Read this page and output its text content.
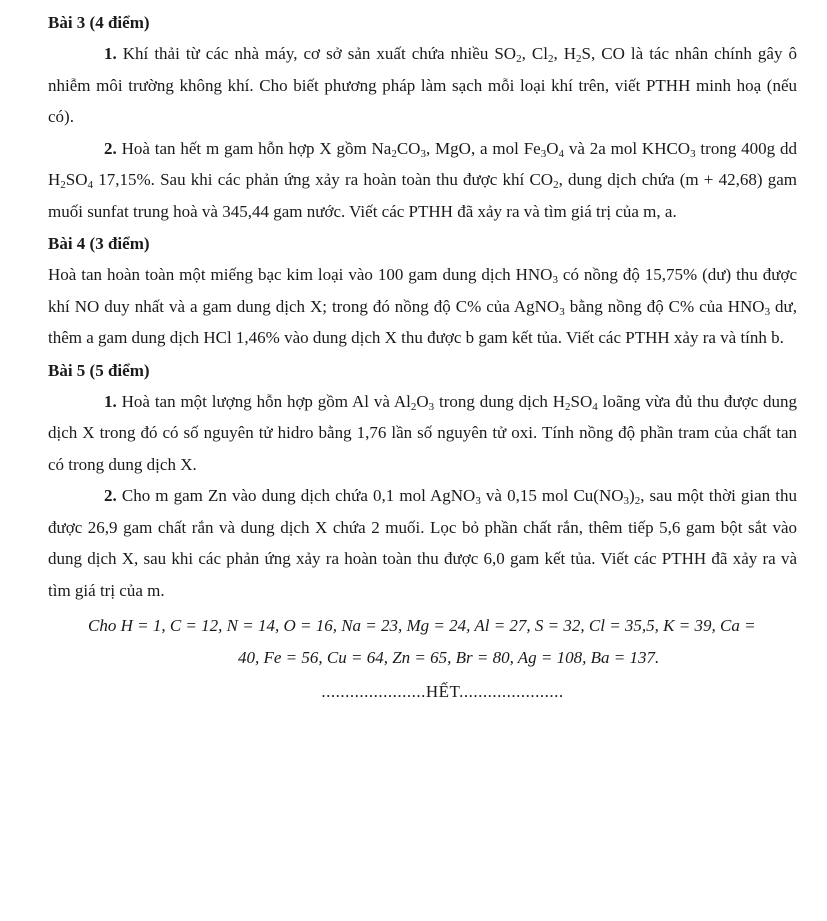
Bài 3 (4 điểm)

1. Khí thải từ các nhà máy, cơ sở sản xuất chứa nhiều $SO_2$, $Cl_2$, $H_2S$, CO là tác nhân chính gây ô nhiễm môi trường không khí. Cho biết phương pháp làm sạch mỗi loại khí trên, viết PTHH minh hoạ (nếu có).

2. Hoà tan hết m gam hỗn hợp X gồm $Na_2CO_3$, MgO, a mol $Fe_3O_4$ và 2a mol $KHCO_3$ trong 400g dd $H_2SO_4$ 17,15%. Sau khi các phản ứng xảy ra hoàn toàn thu được khí $CO_2$, dung dịch chứa (m + 42,68) gam muối sunfat trung hoà và 345,44 gam nước. Viết các PTHH đã xảy ra và tìm giá trị của m, a.

Bài 4 (3 điểm)

Hoà tan hoàn toàn một miếng bạc kim loại vào 100 gam dung dịch $HNO_3$ có nồng độ 15,75% (dư) thu được khí NO duy nhất và a gam dung dịch X; trong đó nồng độ C% của AgNO$_3$ bằng nồng độ C% của $HNO_3$ dư, thêm a gam dung dịch HCl 1,46% vào dung dịch X thu được b gam kết tủa. Viết các PTHH xảy ra và tính b.

Bài 5 (5 điểm)

1. Hoà tan một lượng hỗn hợp gồm Al và $Al_2O_3$ trong dung dịch $H_2SO_4$ loãng vừa đủ thu được dung dịch X trong đó có số nguyên tử hidro bằng 1,76 lần số nguyên tử oxi. Tính nồng độ phần tram của chất tan có trong dung dịch X.

2. Cho m gam Zn vào dung dịch chứa 0,1 mol AgNO$_3$ và 0,15 mol $Cu(NO_3)_2$, sau một thời gian thu được 26,9 gam chất rắn và dung dịch X chứa 2 muối. Lọc bỏ phần chất rắn, thêm tiếp 5,6 gam bột sắt vào dung dịch X, sau khi các phản ứng xảy ra hoàn toàn thu được 6,0 gam kết tủa. Viết các PTHH đã xảy ra và tìm giá trị của m.

Cho H = 1, C = 12, N = 14, O = 16, Na = 23, Mg = 24, Al = 27, S = 32, Cl = 35,5, K = 39, Ca =
40, Fe = 56, Cu = 64, Zn = 65, Br = 80, Ag = 108, Ba = 137.
......................HẾT......................
